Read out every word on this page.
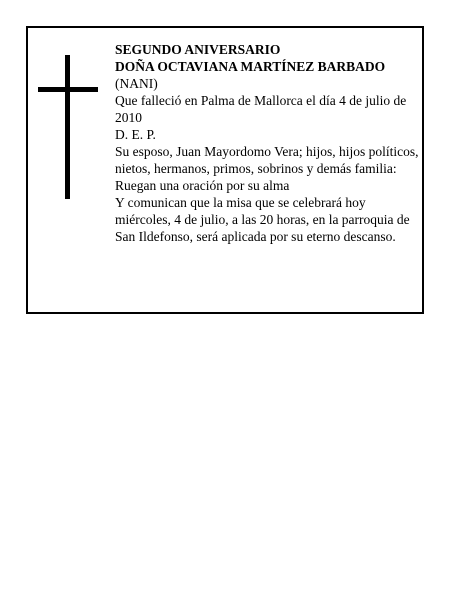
SEGUNDO ANIVERSARIO

DOÑA OCTAVIANA MARTÍNEZ BARBADO

(NANI)

Que falleció en Palma de Mallorca el día 4 de julio de 2010

D. E. P.

Su esposo, Juan Mayordomo Vera; hijos, hijos políticos, nietos, hermanos, primos, sobrinos y demás familia:

Ruegan una oración por su alma

Y comunican que la misa que se celebrará hoy miércoles, 4 de julio, a las 20 horas, en la parroquia de San Ildefonso, será aplicada por su eterno descanso.
